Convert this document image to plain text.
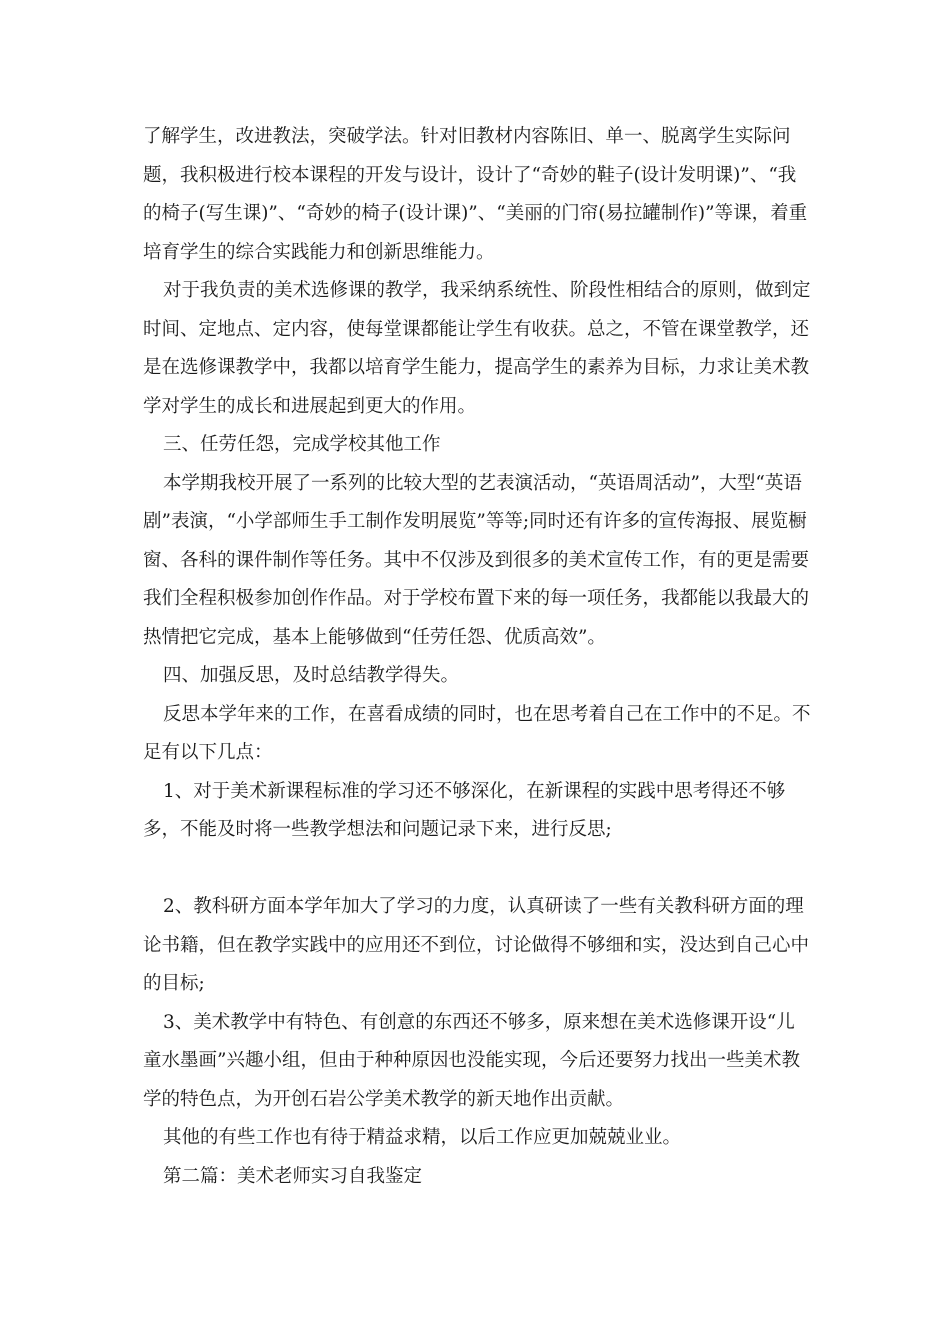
了解学生，改进教法，突破学法。针对旧教材内容陈旧、单一、脱离学生实际问题，我积极进行校本课程的开发与设计，设计了“奇妙的鞋子(设计发明课)”、“我的椅子(写生课)”、“奇妙的椅子(设计课)”、“美丽的门帘(易拉罐制作)”等课，着重培育学生的综合实践能力和创新思维能力。

对于我负责的美术选修课的教学，我采纳系统性、阶段性相结合的原则，做到定时间、定地点、定内容，使每堂课都能让学生有收获。总之，不管在课堂教学，还是在选修课教学中，我都以培育学生能力，提高学生的素养为目标，力求让美术教学对学生的成长和进展起到更大的作用。

三、任劳任怨，完成学校其他工作

本学期我校开展了一系列的比较大型的艺表演活动，“英语周活动”，大型“英语剧”表演，“小学部师生手工制作发明展览”等等;同时还有许多的宣传海报、展览橱窗、各科的课件制作等任务。其中不仅涉及到很多的美术宣传工作，有的更是需要我们全程积极参加创作作品。对于学校布置下来的每一项任务，我都能以我最大的热情把它完成，基本上能够做到“任劳任怨、优质高效”。

四、加强反思，及时总结教学得失。

反思本学年来的工作，在喜看成绩的同时，也在思考着自己在工作中的不足。不足有以下几点：

1、对于美术新课程标准的学习还不够深化，在新课程的实践中思考得还不够多，不能及时将一些教学想法和问题记录下来，进行反思;

2、教科研方面本学年加大了学习的力度，认真研读了一些有关教科研方面的理论书籍，但在教学实践中的应用还不到位，讨论做得不够细和实，没达到自己心中的目标;

3、美术教学中有特色、有创意的东西还不够多，原来想在美术选修课开设“儿童水墨画”兴趣小组，但由于种种原因也没能实现，今后还要努力找出一些美术教学的特色点，为开创石岩公学美术教学的新天地作出贡献。

其他的有些工作也有待于精益求精，以后工作应更加兢兢业业。

第二篇：美术老师实习自我鉴定
